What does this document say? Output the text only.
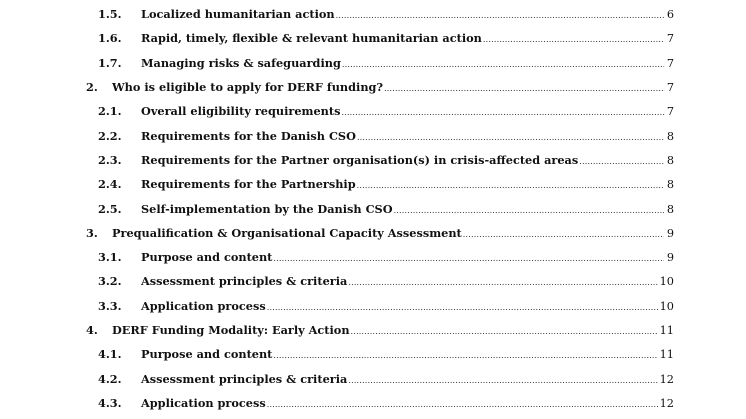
1.5.	Localized humanitarian action .....	6
1.6.	Rapid, timely, flexible & relevant humanitarian action .....	7
1.7.	Managing risks & safeguarding .....	7
2.	Who is eligible to apply for DERF funding? .....	7
2.1.	Overall eligibility requirements .....	7
2.2.	Requirements for the Danish CSO .....	8
2.3.	Requirements for the Partner organisation(s) in crisis-affected areas .....	8
2.4.	Requirements for the Partnership .....	8
2.5.	Self-implementation by the Danish CSO .....	8
3.	Prequalification & Organisational Capacity Assessment .....	9
3.1.	Purpose and content .....	9
3.2.	Assessment principles & criteria .....	10
3.3.	Application process .....	10
4.	DERF Funding Modality: Early Action .....	11
4.1.	Purpose and content .....	11
4.2.	Assessment principles & criteria .....	12
4.3.	Application process .....	12
